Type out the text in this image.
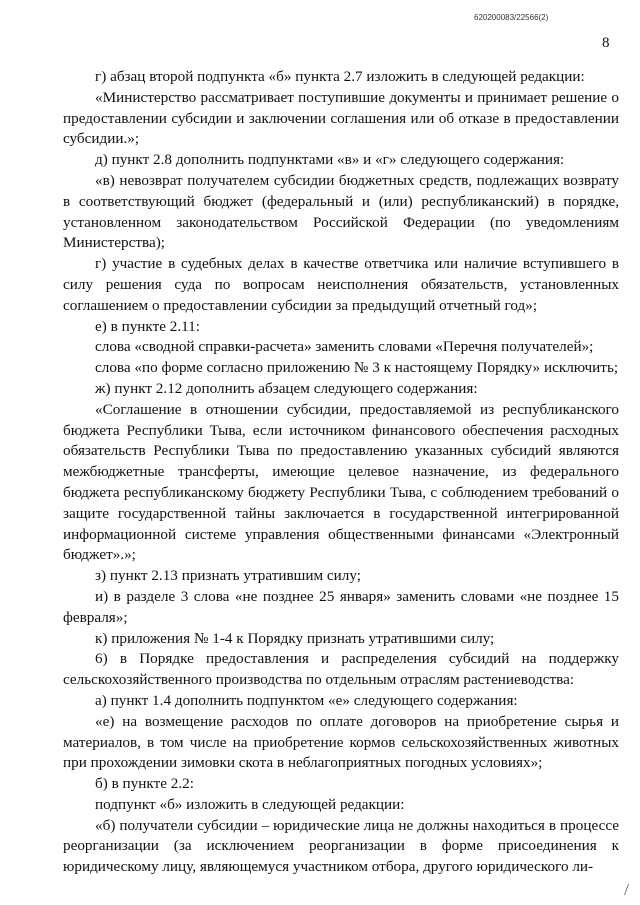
620200083/22566(2)
8

г) абзац второй подпункта «б» пункта 2.7 изложить в следующей редакции:

«Министерство рассматривает поступившие документы и принимает решение о предоставлении субсидии и заключении соглашения или об отказе в предоставлении субсидии.»;

д) пункт 2.8 дополнить подпунктами «в» и «г» следующего содержания:

«в) невозврат получателем субсидии бюджетных средств, подлежащих возврату в соответствующий бюджет (федеральный и (или) республиканский) в порядке, установленном законодательством Российской Федерации (по уведомлениям Министерства);

г) участие в судебных делах в качестве ответчика или наличие вступившего в силу решения суда по вопросам неисполнения обязательств, установленных соглашением о предоставлении субсидии за предыдущий отчетный год»;

е) в пункте 2.11:

слова «сводной справки-расчета» заменить словами «Перечня получателей»;

слова «по форме согласно приложению № 3 к настоящему Порядку» исключить;

ж) пункт 2.12 дополнить абзацем следующего содержания:

«Соглашение в отношении субсидии, предоставляемой из республиканского бюджета Республики Тыва, если источником финансового обеспечения расходных обязательств Республики Тыва по предоставлению указанных субсидий являются межбюджетные трансферты, имеющие целевое назначение, из федерального бюджета республиканскому бюджету Республики Тыва, с соблюдением требований о защите государственной тайны заключается в государственной интегрированной информационной системе управления общественными финансами «Электронный бюджет».»;

з) пункт 2.13 признать утратившим силу;

и) в разделе 3 слова «не позднее 25 января» заменить словами «не позднее 15 февраля»;

к) приложения № 1-4 к Порядку признать утратившими силу;

6) в Порядке предоставления и распределения субсидий на поддержку сельскохозяйственного производства по отдельным отраслям растениеводства:

а) пункт 1.4 дополнить подпунктом «е» следующего содержания:

«е) на возмещение расходов по оплате договоров на приобретение сырья и материалов, в том числе на приобретение кормов сельскохозяйственных животных при прохождении зимовки скота в неблагоприятных погодных условиях»;

б) в пункте 2.2:

подпункт «б» изложить в следующей редакции:

«б) получатели субсидии – юридические лица не должны находиться в процессе реорганизации (за исключением реорганизации в форме присоединения к юридическому лицу, являющемуся участником отбора, другого юридического ли-
